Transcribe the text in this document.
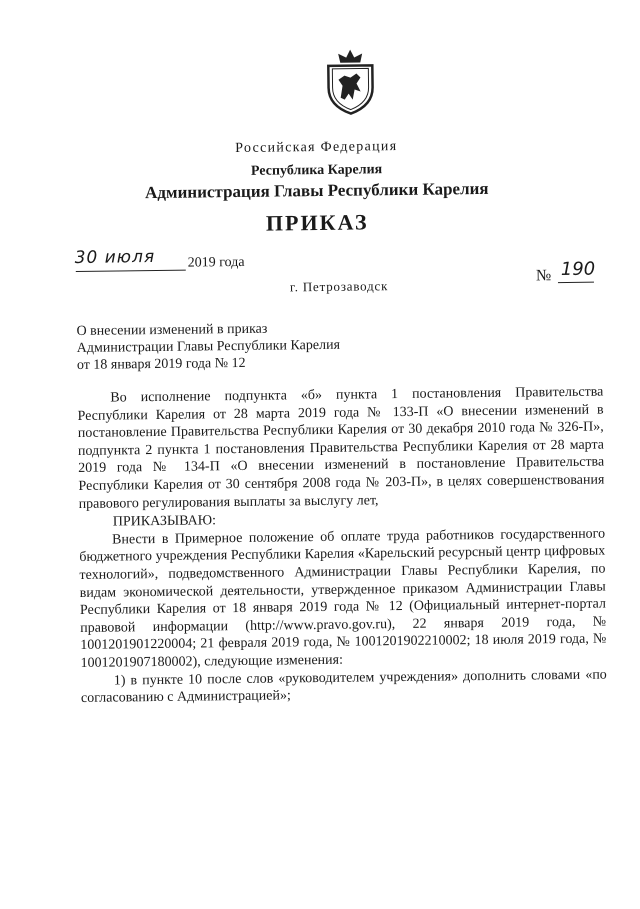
Российская Федерация
Республика Карелия
Администрация Главы Республики Карелия
ПРИКАЗ
30 июля 2019 года
г. Петрозаводск
№ 190
О внесении изменений в приказ
Администрации Главы Республики Карелия
от 18 января 2019 года № 12

Во исполнение подпункта «б» пункта 1 постановления Правительства Республики Карелия от 28 марта 2019 года № 133-П «О внесении изменений в постановление Правительства Республики Карелия от 30 декабря 2010 года № 326-П», подпункта 2 пункта 1 постановления Правительства Республики Карелия от 28 марта 2019 года № 134-П «О внесении изменений в постановление Правительства Республики Карелия от 30 сентября 2008 года № 203-П», в целях совершенствования правового регулирования выплаты за выслугу лет,

ПРИКАЗЫВАЮ:

Внести в Примерное положение об оплате труда работников государственного бюджетного учреждения Республики Карелия «Карельский ресурсный центр цифровых технологий», подведомственного Администрации Главы Республики Карелия, по видам экономической деятельности, утвержденное приказом Администрации Главы Республики Карелия от 18 января 2019 года № 12 (Официальный интернет-портал правовой информации (http://www.pravo.gov.ru), 22 января 2019 года, № 1001201901220004; 21 февраля 2019 года, № 1001201902210002; 18 июля 2019 года, № 1001201907180002), следующие изменения:

1) в пункте 10 после слов «руководителем учреждения» дополнить словами «по согласованию с Администрацией»;
